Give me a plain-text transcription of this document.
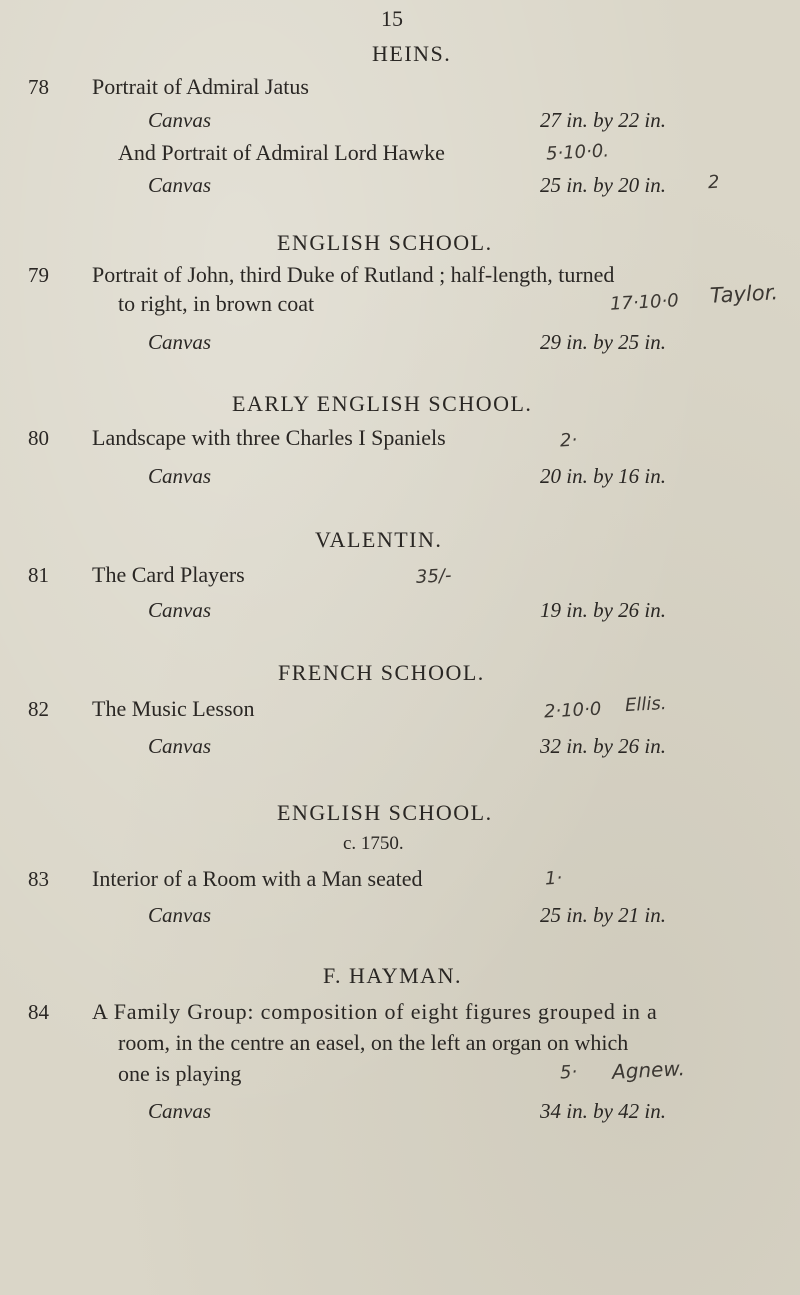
15
HEINS.
78 Portrait of Admiral Jatus
Canvas	27 in. by 22 in.
And Portrait of Admiral Lord Hawke	5·10·0.
Canvas	25 in. by 20 in. 2
ENGLISH SCHOOL.
79 Portrait of John, third Duke of Rutland ; half-length, turned
to right, in brown coat	17·10·0 Taylor.
Canvas	29 in. by 25 in.
EARLY ENGLISH SCHOOL.
80 Landscape with three Charles I Spaniels	2·
Canvas	20 in. by 16 in.
VALENTIN.
81 The Card Players	35/-
Canvas	19 in. by 26 in.
FRENCH SCHOOL.
82 The Music Lesson	2·10·0 Ellis.
Canvas	32 in. by 26 in.
ENGLISH SCHOOL.
c. 1750.
83 Interior of a Room with a Man seated	1·
Canvas	25 in. by 21 in.
F. HAYMAN.
84 A Family Group: composition of eight figures grouped in a
room, in the centre an easel, on the left an organ on which
one is playing	5· Agnew.
Canvas	34 in. by 42 in.
